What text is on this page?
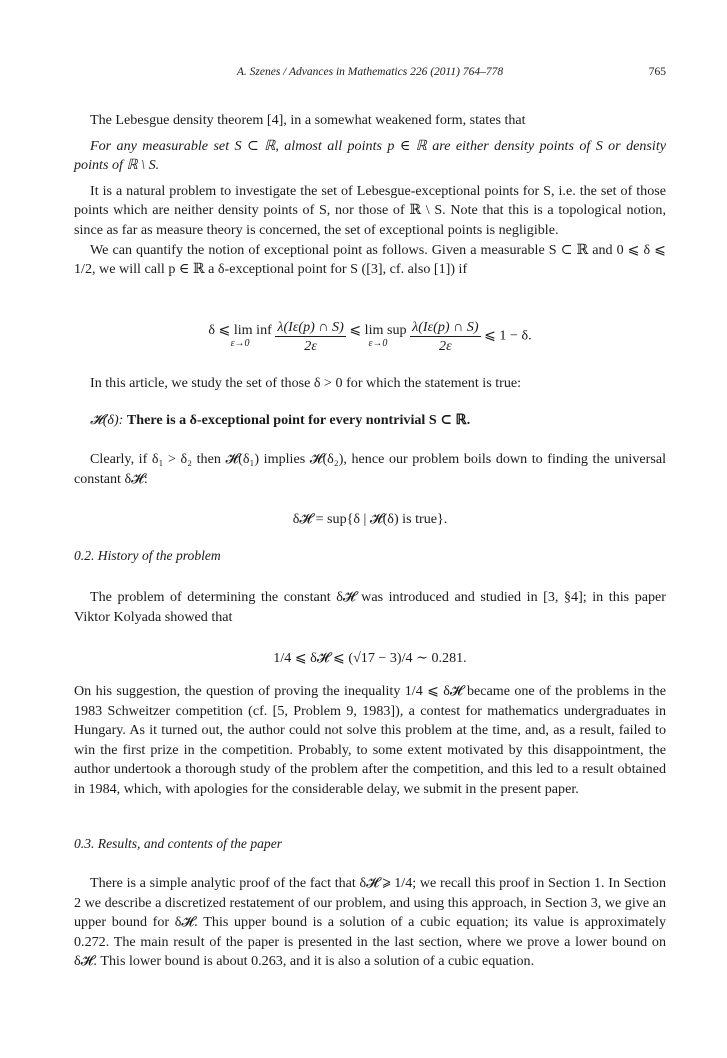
A. Szenes / Advances in Mathematics 226 (2011) 764–778	765

The Lebesgue density theorem [4], in a somewhat weakened form, states that

For any measurable set S ⊂ ℝ, almost all points p ∈ ℝ are either density points of S or density points of ℝ \ S.

It is a natural problem to investigate the set of Lebesgue-exceptional points for S, i.e. the set of those points which are neither density points of S, nor those of ℝ \ S. Note that this is a topological notion, since as far as measure theory is concerned, the set of exceptional points is negligible.

We can quantify the notion of exceptional point as follows. Given a measurable S ⊂ ℝ and 0 ⩽ δ ⩽ 1/2, we will call p ∈ ℝ a δ-exceptional point for S ([3], cf. also [1]) if

δ ⩽ lim inf
ε→0
	$\frac{\lambda(I\varepsilon(p) \cap S)}{2\varepsilon}$ ⩽ lim sup
ε→0
	$\frac{\lambda(I\varepsilon(p) \cap S)}{2\varepsilon}$ ⩽ 1 − δ.

In this article, we study the set of those δ > 0 for which the statement is true:

𝓗(δ): There is a δ-exceptional point for every nontrivial S ⊂ ℝ.

Clearly, if δ₁ > δ₂ then 𝓗(δ₁) implies 𝓗(δ₂), hence our problem boils down to finding the universal constant δ𝓗:

δ𝓗 = sup{δ | 𝓗(δ) is true}.
0.2. History of the problem

The problem of determining the constant δ𝓗 was introduced and studied in [3, §4]; in this paper Viktor Kolyada showed that

1/4 ⩽ δ𝓗 ⩽ (√17 − 3)/4 ∼ 0.281.

On his suggestion, the question of proving the inequality 1/4 ⩽ δ𝓗 became one of the problems in the 1983 Schweitzer competition (cf. [5, Problem 9, 1983]), a contest for mathematics undergraduates in Hungary. As it turned out, the author could not solve this problem at the time, and, as a result, failed to win the first prize in the competition. Probably, to some extent motivated by this disappointment, the author undertook a thorough study of the problem after the competition, and this led to a result obtained in 1984, which, with apologies for the considerable delay, we submit in the present paper.

0.3. Results, and contents of the paper

There is a simple analytic proof of the fact that δ𝓗 ⩾ 1/4; we recall this proof in Section 1. In Section 2 we describe a discretized restatement of our problem, and using this approach, in Section 3, we give an upper bound for δ𝓗. This upper bound is a solution of a cubic equation; its value is approximately 0.272. The main result of the paper is presented in the last section, where we prove a lower bound on δ𝓗. This lower bound is about 0.263, and it is also a solution of a cubic equation.
